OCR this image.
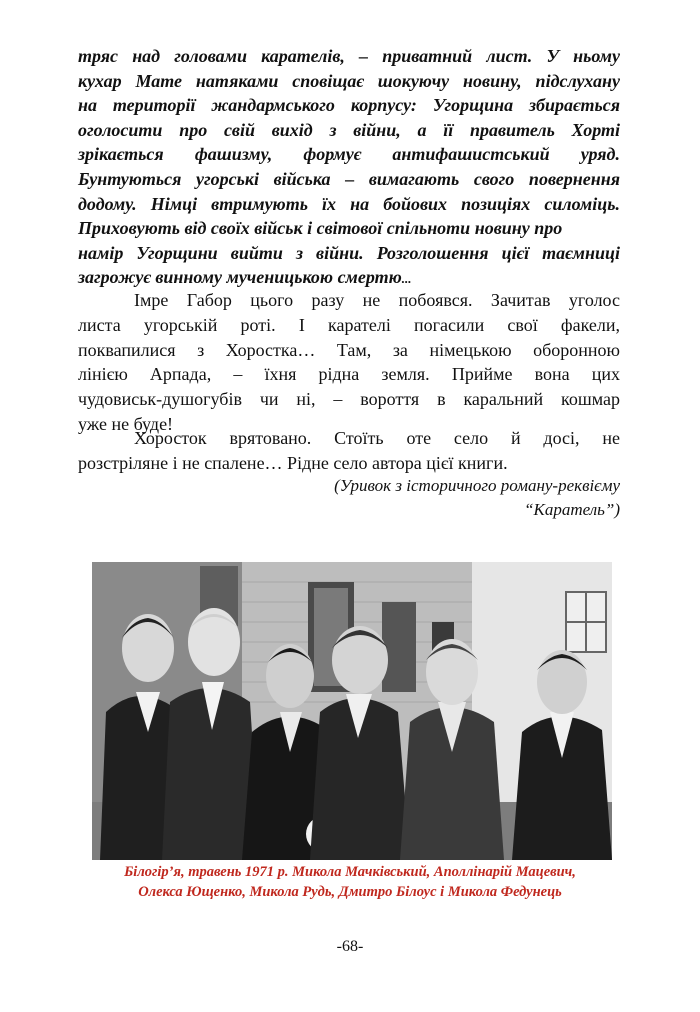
тряс над головами карателів, – приватний лист. У ньому
кухар Мате натяками сповіщає шокуючу новину, підслухану
на території жандармського корпусу: Угорщина збирається
оголосити про свій вихід з війни, а її правитель Хорті
зрікається фашизму, формує антифашистський уряд.
Бунтуються угорські війська – вимагають свого повернення
додому. Німці втримують їх на бойових позиціях силоміць.
Приховують від своїх військ і світової спільноти новину про
намір Угорщини вийти з війни. Розголошення цієї таємниці
загрожує винному мученицькою смертю...
Імре Габор цього разу не побоявся. Зачитав уголос
листа угорській роті. І карателі погасили свої факели,
поквапилися з Хоростка… Там, за німецькою оборонною
лінією Арпада, – їхня рідна земля. Прийме вона цих
чудовиськ-душогубів чи ні, – вороття в каральний кошмар
уже не буде!
Хоросток врятовано. Стоїть оте село й досі, не
розстріляне і не спалене… Рідне село автора цієї книги.
(Уривок з історичного роману-реквієму
“Каратель”)
Білогір’я, травень 1971 р. Микола Мачківський, Аполлінарій Мацевич,
Олекса Ющенко, Микола Рудь, Дмитро Білоус і Микола Федунець
-68-
